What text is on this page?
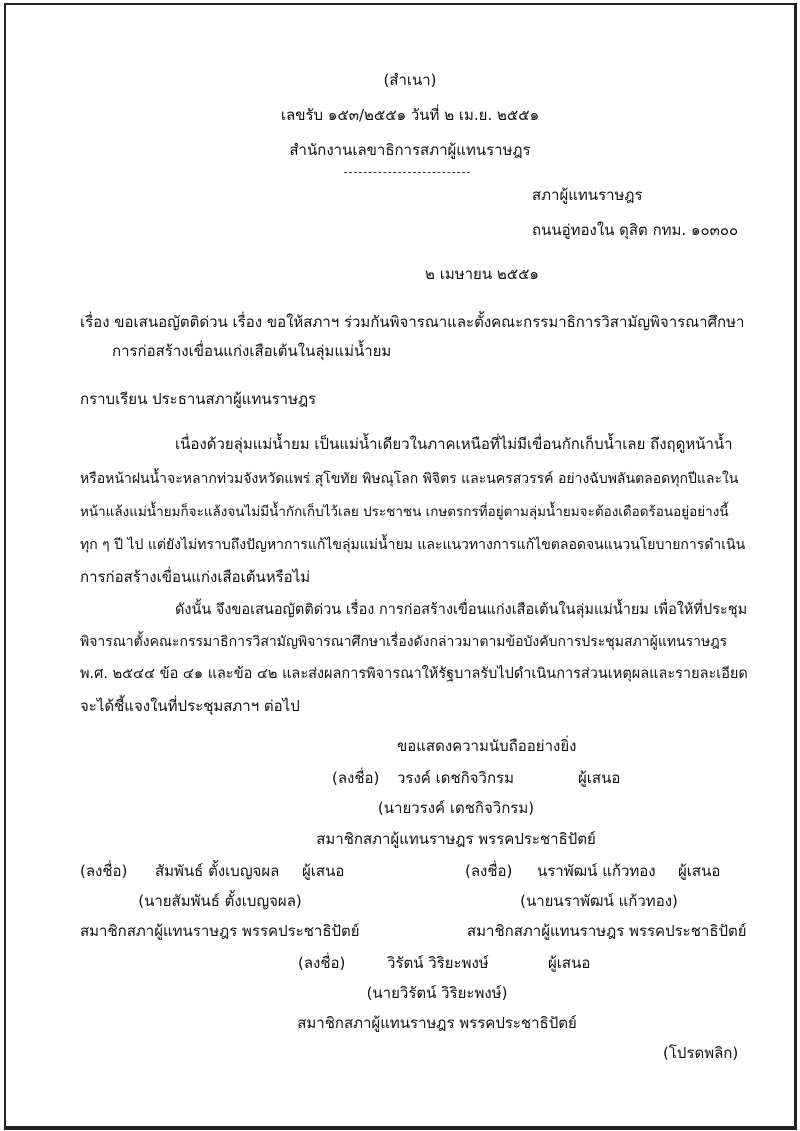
(สำเนา)
เลขรับ ๑๕๓/๒๕๕๑ วันที่ ๒ เม.ย. ๒๕๕๑
สำนักงานเลขาธิการสภาผู้แทนราษฎร
สภาผู้แทนราษฎร
ถนนอู่ทองใน ดุสิต กทม. ๑๐๓๐๐
๒ เมษายน ๒๕๕๑
เรื่อง ขอเสนอญัตติด่วน เรื่อง ขอให้สภาฯ ร่วมกันพิจารณาและตั้งคณะกรรมาธิการวิสามัญพิจารณาศึกษา
การก่อสร้างเขื่อนแก่งเสือเต้นในลุ่มแม่น้ำยม
กราบเรียน ประธานสภาผู้แทนราษฎร
เนื่องด้วยลุ่มแม่น้ำยม เป็นแม่น้ำเดียวในภาคเหนือที่ไม่มีเขื่อนกักเก็บน้ำเลย ถึงฤดูหน้าน้ำ
หรือหน้าฝนน้ำจะหลากท่วมจังหวัดแพร่ สุโขทัย พิษณุโลก พิจิตร และนครสวรรค์ อย่างฉับพลันตลอดทุกปีและใน
หน้าแล้งแม่น้ำยมก็จะแล้งจนไม่มีน้ำกักเก็บไว้เลย ประชาชน เกษตรกรที่อยู่ตามลุ่มน้ำยมจะต้องเดือดร้อนอยู่อย่างนี้
ทุก ๆ ปี ไป แต่ยังไม่ทราบถึงปัญหาการแก้ไขลุ่มแม่น้ำยม และแนวทางการแก้ไขตลอดจนแนวนโยบายการดำเนิน
การก่อสร้างเขื่อนแก่งเสือเต้นหรือไม่
ดังนั้น จึงขอเสนอญัตติด่วน เรื่อง การก่อสร้างเขื่อนแก่งเสือเต้นในลุ่มแม่น้ำยม เพื่อให้ที่ประชุม
พิจารณาตั้งคณะกรรมาธิการวิสามัญพิจารณาศึกษาเรื่องดังกล่าวมาตามข้อบังคับการประชุมสภาผู้แทนราษฎร
พ.ศ. ๒๕๔๔ ข้อ ๔๑ และข้อ ๔๒ และส่งผลการพิจารณาให้รัฐบาลรับไปดำเนินการส่วนเหตุผลและรายละเอียด
จะได้ชี้แจงในที่ประชุมสภาฯ ต่อไป
ขอแสดงความนับถืออย่างยิ่ง
(ลงชื่อ) วรงค์ เดชกิจวิกรม	ผู้เสนอ
(นายวรงค์ เดชกิจวิกรม)
สมาชิกสภาผู้แทนราษฎร พรรคประชาธิปัตย์
(ลงชื่อ) สัมพันธ์ ตั้งเบญจผล ผู้เสนอ	(ลงชื่อ) นราพัฒน์ แก้วทอง ผู้เสนอ
(นายสัมพันธ์ ตั้งเบญจผล)	(นายนราพัฒน์ แก้วทอง)
สมาชิกสภาผู้แทนราษฎร พรรคประชาธิปัตย์	สมาชิกสภาผู้แทนราษฎร พรรคประชาธิปัตย์
(ลงชื่อ)	วิรัตน์ วิริยะพงษ์	ผู้เสนอ
(นายวิรัตน์ วิริยะพงษ์)
สมาชิกสภาผู้แทนราษฎร พรรคประชาธิปัตย์
(โปรดพลิก)
